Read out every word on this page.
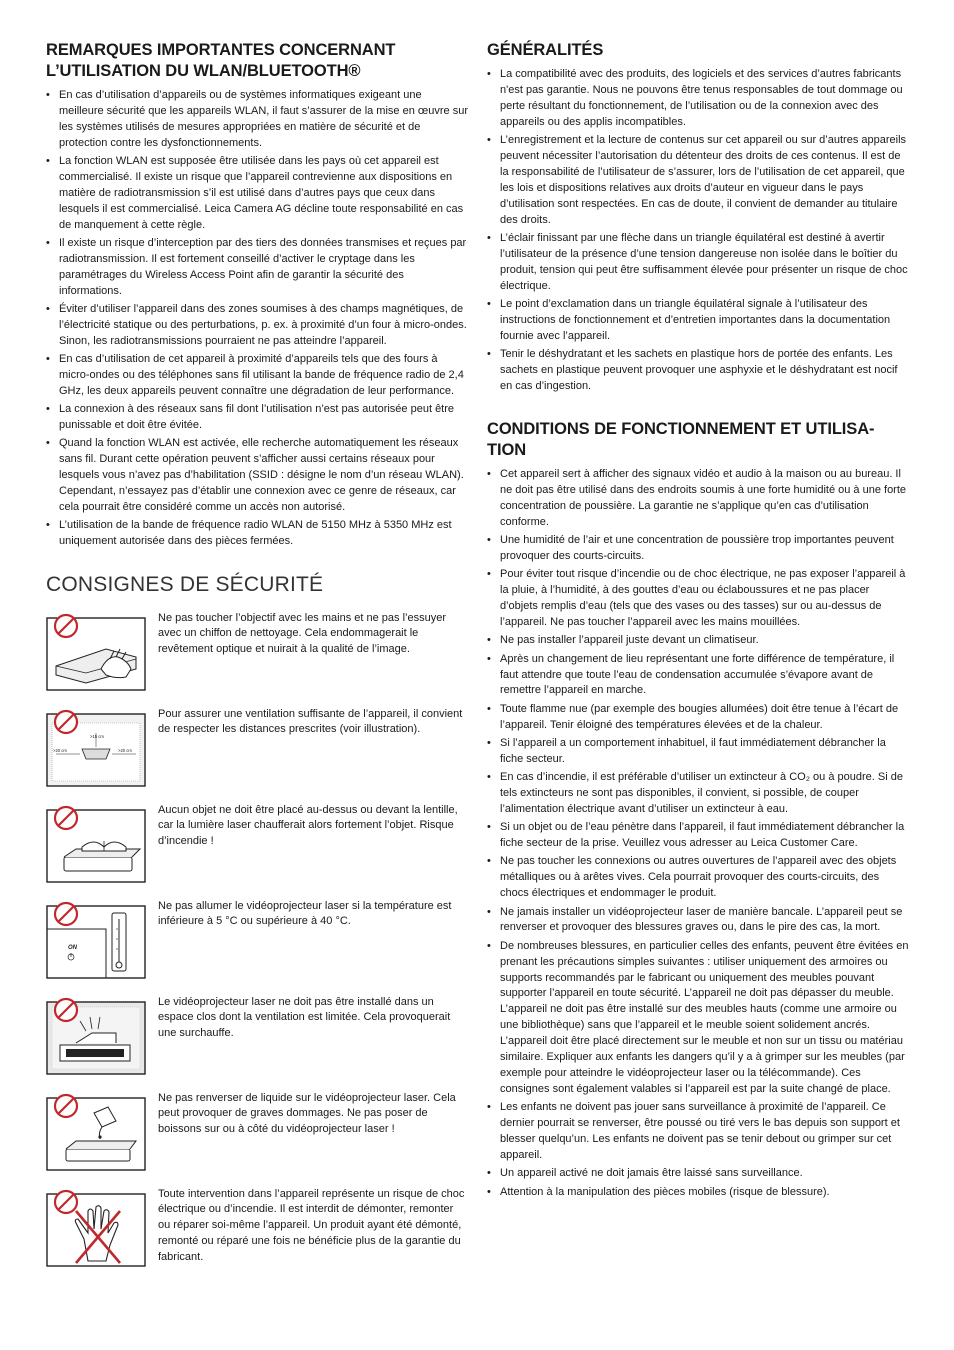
REMARQUES IMPORTANTES CONCERNANT
L’UTILISATION DU WLAN/BLUETOOTH®
• En cas d’utilisation d’appareils ou de systèmes informatiques exigeant une meilleure sécurité que les appareils WLAN, il faut s’assurer de la mise en œuvre sur les systèmes utilisés de mesures appropriées en matière de sécurité et de protection contre les dysfonctionnements.
• La fonction WLAN est supposée être utilisée dans les pays où cet appareil est commercialisé. Il existe un risque que l’appareil contrevienne aux dispositions en matière de radiotransmission s’il est utilisé dans d’autres pays que ceux dans lesquels il est commercialisé. Leica Camera AG décline toute responsabilité en cas de manquement à cette règle.
• Il existe un risque d’interception par des tiers des données transmises et reçues par radiotransmission. Il est fortement conseillé d’activer le cryptage dans les paramétrages du Wireless Access Point afin de garantir la sécurité des informations.
• Éviter d’utiliser l’appareil dans des zones soumises à des champs magnétiques, de l’électricité statique ou des perturbations, p. ex. à proximité d’un four à micro-ondes. Sinon, les radiotransmissions pourraient ne pas atteindre l’appareil.
• En cas d’utilisation de cet appareil à proximité d’appareils tels que des fours à micro-ondes ou des téléphones sans fil utilisant la bande de fréquence radio de 2,4 GHz, les deux appareils peuvent connaître une dégradation de leur performance.
• La connexion à des réseaux sans fil dont l’utilisation n’est pas autorisée peut être punissable et doit être évitée.
• Quand la fonction WLAN est activée, elle recherche automatiquement les réseaux sans fil. Durant cette opération peuvent s’afficher aussi certains réseaux pour lesquels vous n’avez pas d’habilitation (SSID : désigne le nom d’un réseau WLAN). Cependant, n’essayez pas d’établir une connexion avec ce genre de réseaux, car cela pourrait être considéré comme un accès non autorisé.
• L’utilisation de la bande de fréquence radio WLAN de 5150 MHz à 5350 MHz est uniquement autorisée dans des pièces fermées.
CONSIGNES DE SÉCURITÉ
Ne pas toucher l’objectif avec les mains et ne pas l’essuyer avec un chiffon de nettoyage. Cela endommagerait le revêtement optique et nuirait à la qualité de l’image.
>15 cm
>20 cm	>20 cm
Pour assurer une ventilation suffisante de l’appareil, il convient de respecter les distances prescrites (voir illustration).
Aucun objet ne doit être placé au-dessus ou devant la lentille, car la lumière laser chaufferait alors fortement l’objet. Risque d’incendie !
ON
Ne pas allumer le vidéoprojecteur laser si la température est inférieure à 5 °C ou supérieure à 40 °C.
Le vidéoprojecteur laser ne doit pas être installé dans un espace clos dont la ventilation est limitée. Cela provoquerait une surchauffe.
Ne pas renverser de liquide sur le vidéoprojecteur laser. Cela peut provoquer de graves dommages. Ne pas poser de boissons sur ou à côté du vidéoprojecteur laser !
Toute intervention dans l’appareil représente un risque de choc électrique ou d’incendie. Il est interdit de démonter, remonter ou réparer soi-même l’appareil. Un produit ayant été démonté, remonté ou réparé une fois ne bénéficie plus de la garantie du fabricant.
GÉNÉRALITÉS
• La compatibilité avec des produits, des logiciels et des services d’autres fabricants n'est pas garantie. Nous ne pouvons être tenus responsables de tout dommage ou perte résultant du fonctionnement, de l’utilisation ou de la connexion avec des appareils ou des applis incompatibles.
• L’enregistrement et la lecture de contenus sur cet appareil ou sur d’autres appareils peuvent nécessiter l’autorisation du détenteur des droits de ces contenus. Il est de la responsabilité de l’utilisateur de s’assurer, lors de l’utilisation de cet appareil, que les lois et dispositions relatives aux droits d’auteur en vigueur dans le pays d’utilisation sont respectées. En cas de doute, il convient de demander au titulaire des droits.
• L’éclair finissant par une flèche dans un triangle équilatéral est destiné à avertir l’utilisateur de la présence d’une tension dangereuse non isolée dans le boîtier du produit, tension qui peut être suffisamment élevée pour présenter un risque de choc électrique.
• Le point d’exclamation dans un triangle équilatéral signale à l’utilisateur des instructions de fonctionnement et d’entretien importantes dans la documentation fournie avec l’appareil.
• Tenir le déshydratant et les sachets en plastique hors de portée des enfants. Les sachets en plastique peuvent provoquer une asphyxie et le déshydratant est nocif en cas d’ingestion.
CONDITIONS DE FONCTIONNEMENT ET UTILISA-
TION
• Cet appareil sert à afficher des signaux vidéo et audio à la maison ou au bureau. Il ne doit pas être utilisé dans des endroits soumis à une forte humidité ou à une forte concentration de poussière. La garantie ne s’applique qu’en cas d’utilisation conforme.
• Une humidité de l’air et une concentration de poussière trop importantes peuvent provoquer des courts-circuits.
• Pour éviter tout risque d’incendie ou de choc électrique, ne pas exposer l’appareil à la pluie, à l’humidité, à des gouttes d’eau ou éclaboussures et ne pas placer d’objets remplis d’eau (tels que des vases ou des tasses) sur ou au-dessus de l’appareil. Ne pas toucher l’appareil avec les mains mouillées.
• Ne pas installer l’appareil juste devant un climatiseur.
• Après un changement de lieu représentant une forte différence de température, il faut attendre que toute l’eau de condensation accumulée s’évapore avant de remettre l’appareil en marche.
• Toute flamme nue (par exemple des bougies allumées) doit être tenue à l’écart de l’appareil. Tenir éloigné des températures élevées et de la chaleur.
• Si l’appareil a un comportement inhabituel, il faut immédiatement débrancher la fiche secteur.
• En cas d’incendie, il est préférable d’utiliser un extincteur à CO₂ ou à poudre. Si de tels extincteurs ne sont pas disponibles, il convient, si possible, de couper l’alimentation électrique avant d’utiliser un extincteur à eau.
• Si un objet ou de l’eau pénètre dans l’appareil, il faut immédiatement débrancher la fiche secteur de la prise. Veuillez vous adresser au Leica Customer Care.
• Ne pas toucher les connexions ou autres ouvertures de l’appareil avec des objets métalliques ou à arêtes vives. Cela pourrait provoquer des courts-circuits, des chocs électriques et endommager le produit.
• Ne jamais installer un vidéoprojecteur laser de manière bancale. L’appareil peut se renverser et provoquer des blessures graves ou, dans le pire des cas, la mort.
• De nombreuses blessures, en particulier celles des enfants, peuvent être évitées en prenant les précautions simples suivantes : utiliser uniquement des armoires ou supports recommandés par le fabricant ou uniquement des meubles pouvant supporter l’appareil en toute sécurité. L’appareil ne doit pas dépasser du meuble. L’appareil ne doit pas être installé sur des meubles hauts (comme une armoire ou une bibliothèque) sans que l’appareil et le meuble soient solidement ancrés. L’appareil doit être placé directement sur le meuble et non sur un tissu ou matériau similaire. Expliquer aux enfants les dangers qu’il y a à grimper sur les meubles (par exemple pour atteindre le vidéoprojecteur laser ou la télécommande). Ces consignes sont également valables si l’appareil est par la suite changé de place.
• Les enfants ne doivent pas jouer sans surveillance à proximité de l’appareil. Ce dernier pourrait se renverser, être poussé ou tiré vers le bas depuis son support et blesser quelqu’un. Les enfants ne doivent pas se tenir debout ou grimper sur cet appareil.
• Un appareil activé ne doit jamais être laissé sans surveillance.
• Attention à la manipulation des pièces mobiles (risque de blessure).
